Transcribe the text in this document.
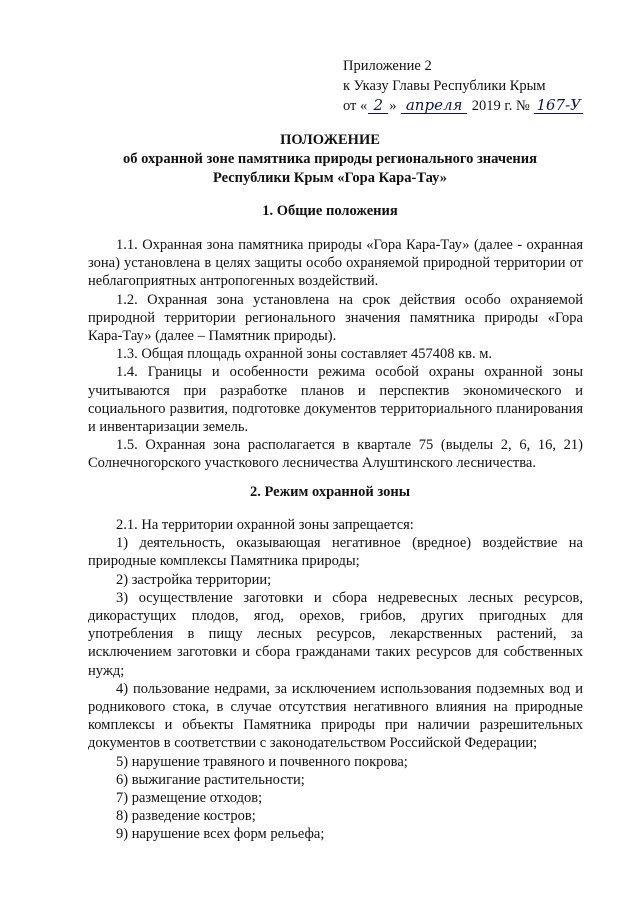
Приложение 2
к Указу Главы Республики Крым
от « 2 » апреля 2019 г. № 167-У
ПОЛОЖЕНИЕ
об охранной зоне памятника природы регионального значения
Республики Крым «Гора Кара-Тау»
1. Общие положения

1.1. Охранная зона памятника природы «Гора Кара-Тау» (далее - охранная зона) установлена в целях защиты особо охраняемой природной территории от неблагоприятных антропогенных воздействий.

1.2. Охранная зона установлена на срок действия особо охраняемой природной территории регионального значения памятника природы «Гора Кара-Тау» (далее – Памятник природы).

1.3. Общая площадь охранной зоны составляет 457408 кв. м.

1.4. Границы и особенности режима особой охраны охранной зоны учитываются при разработке планов и перспектив экономического и социального развития, подготовке документов территориального планирования и инвентаризации земель.

1.5. Охранная зона располагается в квартале 75 (выделы 2, 6, 16, 21) Солнечногорского участкового лесничества Алуштинского лесничества.

2. Режим охранной зоны

2.1. На территории охранной зоны запрещается:

1) деятельность, оказывающая негативное (вредное) воздействие на природные комплексы Памятника природы;

2) застройка территории;

3) осуществление заготовки и сбора недревесных лесных ресурсов, дикорастущих плодов, ягод, орехов, грибов, других пригодных для употребления в пищу лесных ресурсов, лекарственных растений, за исключением заготовки и сбора гражданами таких ресурсов для собственных нужд;

4) пользование недрами, за исключением использования подземных вод и родникового стока, в случае отсутствия негативного влияния на природные комплексы и объекты Памятника природы при наличии разрешительных документов в соответствии с законодательством Российской Федерации;

5) нарушение травяного и почвенного покрова;

6) выжигание растительности;

7) размещение отходов;

8) разведение костров;

9) нарушение всех форм рельефа;
